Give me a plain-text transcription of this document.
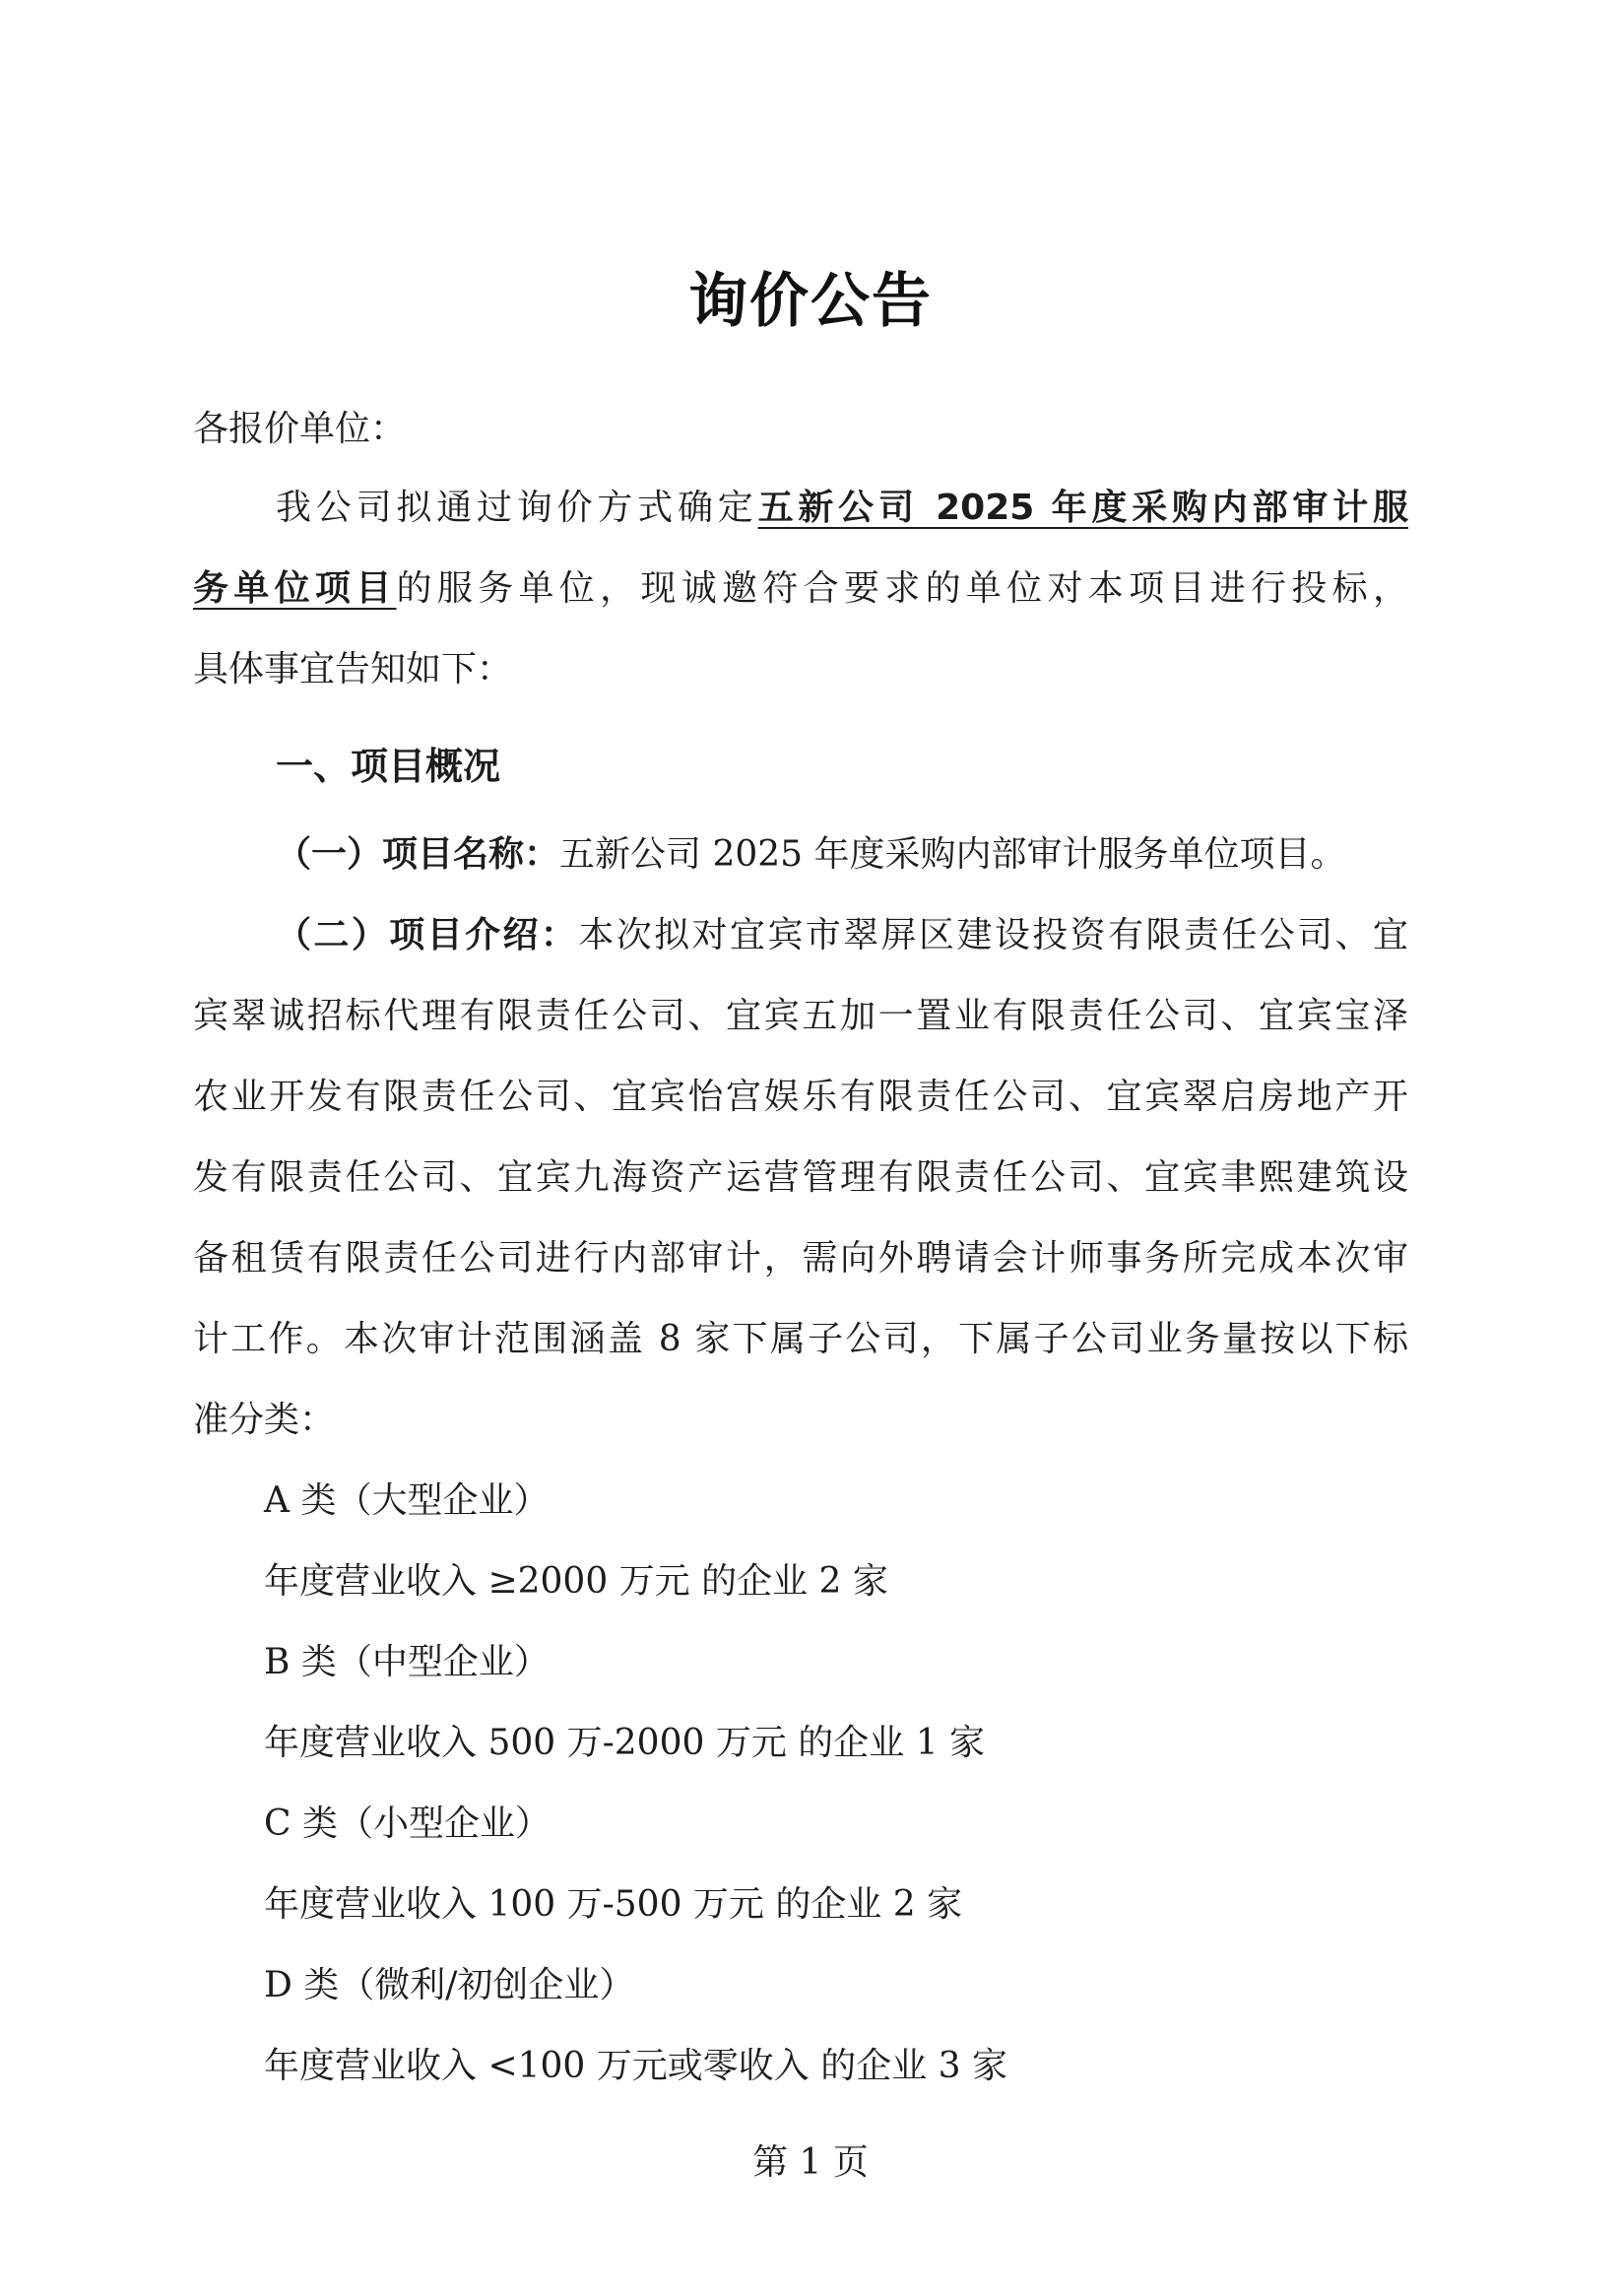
询价公告
各报价单位：
我公司拟通过询价方式确定五新公司 2025 年度采购内部审计服
务单位项目的服务单位，现诚邀符合要求的单位对本项目进行投标，
具体事宜告知如下：
一、项目概况
（一）项目名称：五新公司 2025 年度采购内部审计服务单位项目。
（二）项目介绍：本次拟对宜宾市翠屏区建设投资有限责任公司、宜
宾翠诚招标代理有限责任公司、宜宾五加一置业有限责任公司、宜宾宝泽
农业开发有限责任公司、宜宾怡宫娱乐有限责任公司、宜宾翠启房地产开
发有限责任公司、宜宾九海资产运营管理有限责任公司、宜宾聿熙建筑设
备租赁有限责任公司进行内部审计，需向外聘请会计师事务所完成本次审
计工作。本次审计范围涵盖 8 家下属子公司，下属子公司业务量按以下标
准分类：
A 类（大型企业）
年度营业收入 ≥2000 万元 的企业 2 家
B 类（中型企业）
年度营业收入 500 万-2000 万元 的企业 1 家
C 类（小型企业）
年度营业收入 100 万-500 万元 的企业 2 家
D 类（微利/初创企业）
年度营业收入 <100 万元或零收入 的企业 3 家
第 1 页
